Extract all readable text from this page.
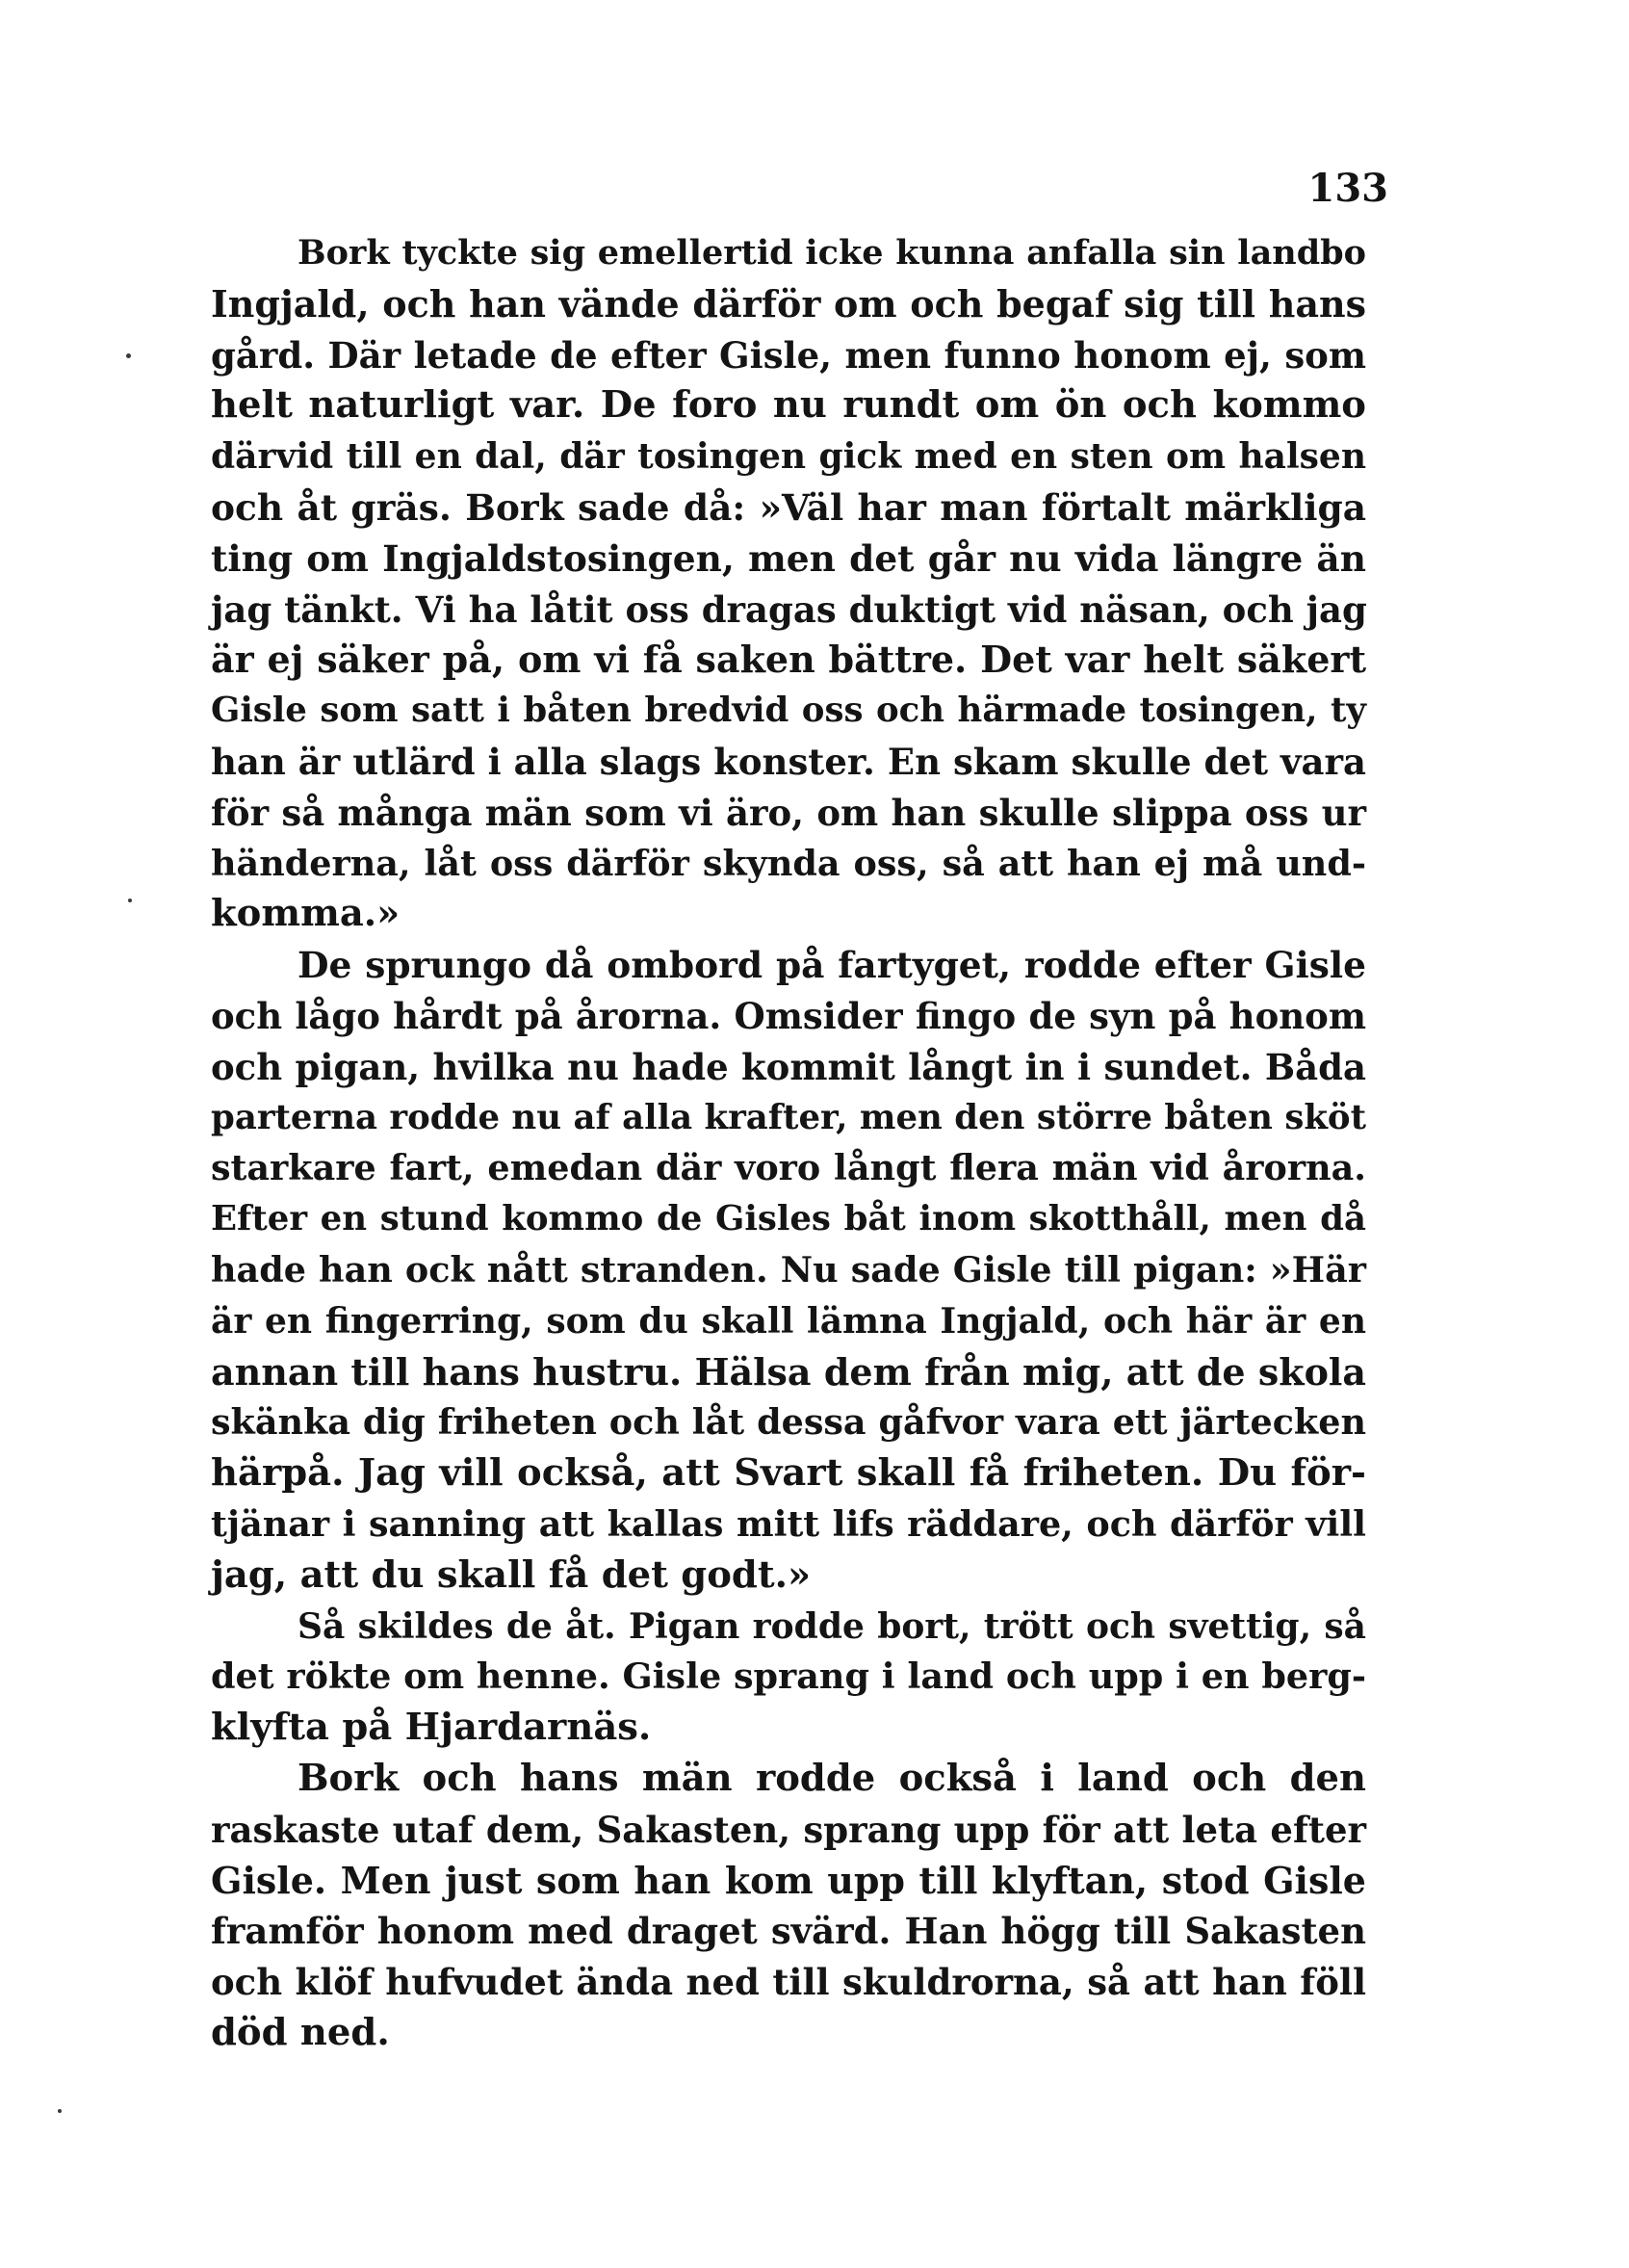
133
Bork tyckte sig emellertid icke kunna anfalla sin landbo
Ingjald, och han vände därför om och begaf sig till hans
gård. Där letade de efter Gisle, men funno honom ej, som
helt naturligt var. De foro nu rundt om ön och kommo
därvid till en dal, där tosingen gick med en sten om halsen
och åt gräs. Bork sade då: »Väl har man förtalt märkliga
ting om Ingjaldstosingen, men det går nu vida längre än
jag tänkt. Vi ha låtit oss dragas duktigt vid näsan, och jag
är ej säker på, om vi få saken bättre. Det var helt säkert
Gisle som satt i båten bredvid oss och härmade tosingen, ty
han är utlärd i alla slags konster. En skam skulle det vara
för så många män som vi äro, om han skulle slippa oss ur
händerna, låt oss därför skynda oss, så att han ej må und-
komma.»
De sprungo då ombord på fartyget, rodde efter Gisle
och lågo hårdt på årorna. Omsider fingo de syn på honom
och pigan, hvilka nu hade kommit långt in i sundet. Båda
parterna rodde nu af alla krafter, men den större båten sköt
starkare fart, emedan där voro långt flera män vid årorna.
Efter en stund kommo de Gisles båt inom skotthåll, men då
hade han ock nått stranden. Nu sade Gisle till pigan: »Här
är en fingerring, som du skall lämna Ingjald, och här är en
annan till hans hustru. Hälsa dem från mig, att de skola
skänka dig friheten och låt dessa gåfvor vara ett järtecken
härpå. Jag vill också, att Svart skall få friheten. Du för-
tjänar i sanning att kallas mitt lifs räddare, och därför vill
jag, att du skall få det godt.»
Så skildes de åt. Pigan rodde bort, trött och svettig, så
det rökte om henne. Gisle sprang i land och upp i en berg-
klyfta på Hjardarnäs.
Bork och hans män rodde också i land och den
raskaste utaf dem, Sakasten, sprang upp för att leta efter
Gisle. Men just som han kom upp till klyftan, stod Gisle
framför honom med draget svärd. Han högg till Sakasten
och klöf hufvudet ända ned till skuldrorna, så att han föll
död ned.
